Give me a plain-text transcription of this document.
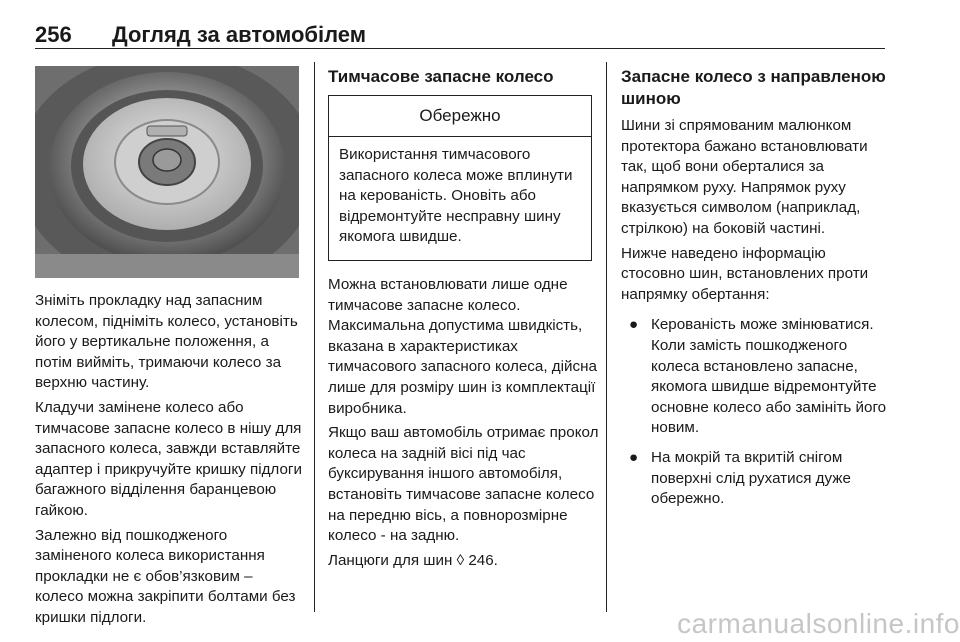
256 Догляд за автомобілем

Зніміть прокладку над запасним колесом, підніміть колесо, установіть його у вертикальне положення, а потім вийміть, тримаючи колесо за верхню частину.

Кладучи замінене колесо або тимчасове запасне колесо в нішу для запасного колеса, завжди вставляйте адаптер і прикручуйте кришку підлоги багажного відділення баранцевою гайкою.

Залежно від пошкодженого заміненого колеса використання прокладки не є обов’язковим – колесо можна закріпити болтами без кришки підлоги.

Тимчасове запасне колесо
Обережно

Використання тимчасового запасного колеса може вплинути на керованість. Оновіть або відремонтуйте несправну шину якомога швидше.

Можна встановлювати лише одне тимчасове запасне колесо. Максимальна допустима швидкість, вказана в характеристиках тимчасового запасного колеса, дійсна лише для розміру шин із комплектації виробника.

Якщо ваш автомобіль отримає прокол колеса на задній вісі під час буксирування іншого автомобіля, встановіть тимчасове запасне колесо на передню вісь, а повнорозмірне колесо - на задню.

Ланцюги для шин ◊ 246.

Запасне колесо з направленою шиною

Шини зі спрямованим малюнком протектора бажано встановлювати так, щоб вони оберталися за напрямком руху. Напрямок руху вказується символом (наприклад, стрілкою) на боковій частині.

Нижче наведено інформацію стосовно шин, встановлених проти напрямку обертання:

● Керованість може змінюватися. Коли замість пошкодженого колеса встановлено запасне, якомога швидше відремонтуйте основне колесо або замініть його новим.
● На мокрій та вкритій снігом поверхні слід рухатися дуже обережно.
carmanualsonline.info
